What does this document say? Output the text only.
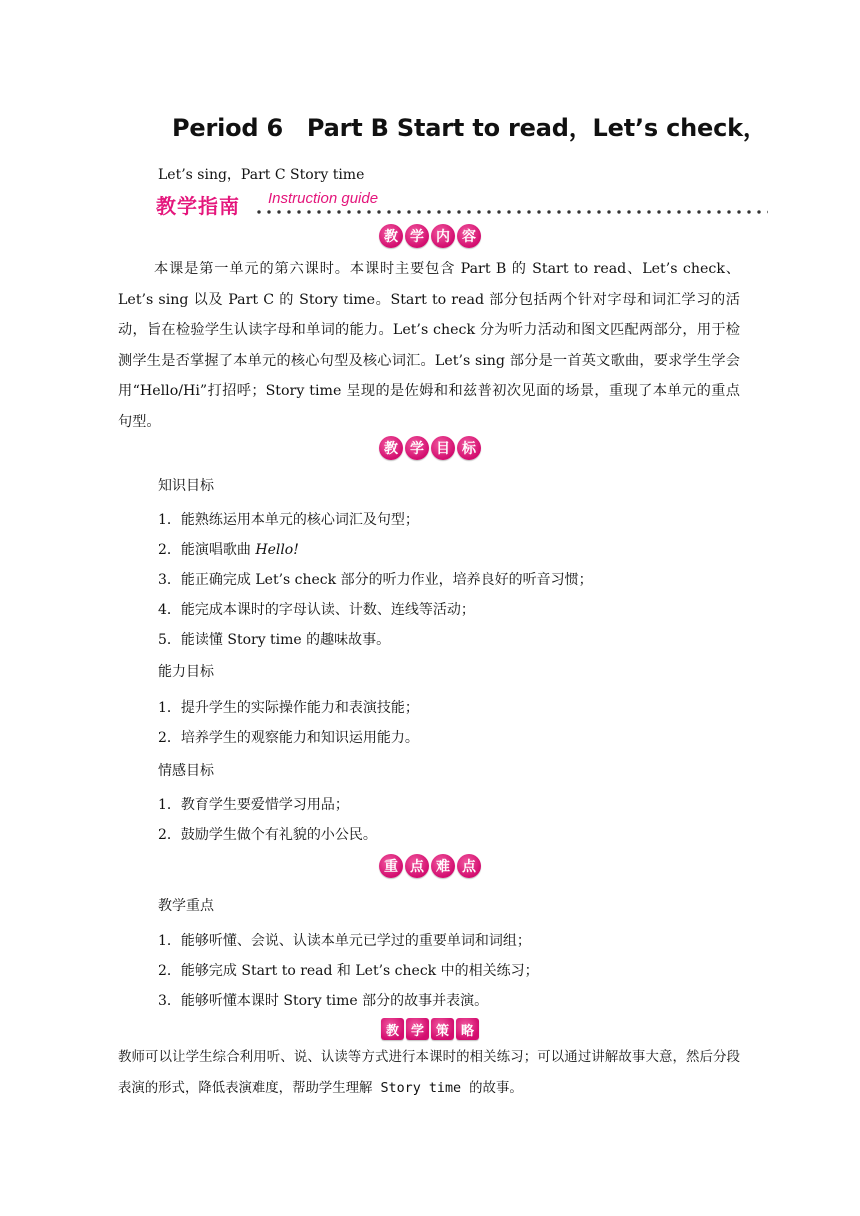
Period 6　Part B Start to read，Let’s check，
Let’s sing，Part C Story time
教学指南 Instruction guide
教 学 内 容
本课是第一单元的第六课时。本课时主要包含 Part B 的 Start to read、Let’s check、Let’s sing 以及 Part C 的 Story time。Start to read 部分包括两个针对字母和词汇学习的活动，旨在检验学生认读字母和单词的能力。Let’s check 分为听力活动和图文匹配两部分，用于检测学生是否掌握了本单元的核心句型及核心词汇。Let’s sing 部分是一首英文歌曲，要求学生学会用“Hello/Hi”打招呼；Story time 呈现的是佐姆和和兹普初次见面的场景，重现了本单元的重点句型。
教 学 目 标
知识目标
1．能熟练运用本单元的核心词汇及句型；
2．能演唱歌曲 Hello!
3．能正确完成 Let’s check 部分的听力作业，培养良好的听音习惯；
4．能完成本课时的字母认读、计数、连线等活动；
5．能读懂 Story time 的趣味故事。
能力目标
1．提升学生的实际操作能力和表演技能；
2．培养学生的观察能力和知识运用能力。
情感目标
1．教育学生要爱惜学习用品；
2．鼓励学生做个有礼貌的小公民。
重 点 难 点
教学重点
1．能够听懂、会说、认读本单元已学过的重要单词和词组；
2．能够完成 Start to read 和 Let’s check 中的相关练习；
3．能够听懂本课时 Story time 部分的故事并表演。
教 学 策 略
教师可以让学生综合利用听、说、认读等方式进行本课时的相关练习；可以通过讲解故事大意，然后分段表演的形式，降低表演难度，帮助学生理解 Story time 的故事。
